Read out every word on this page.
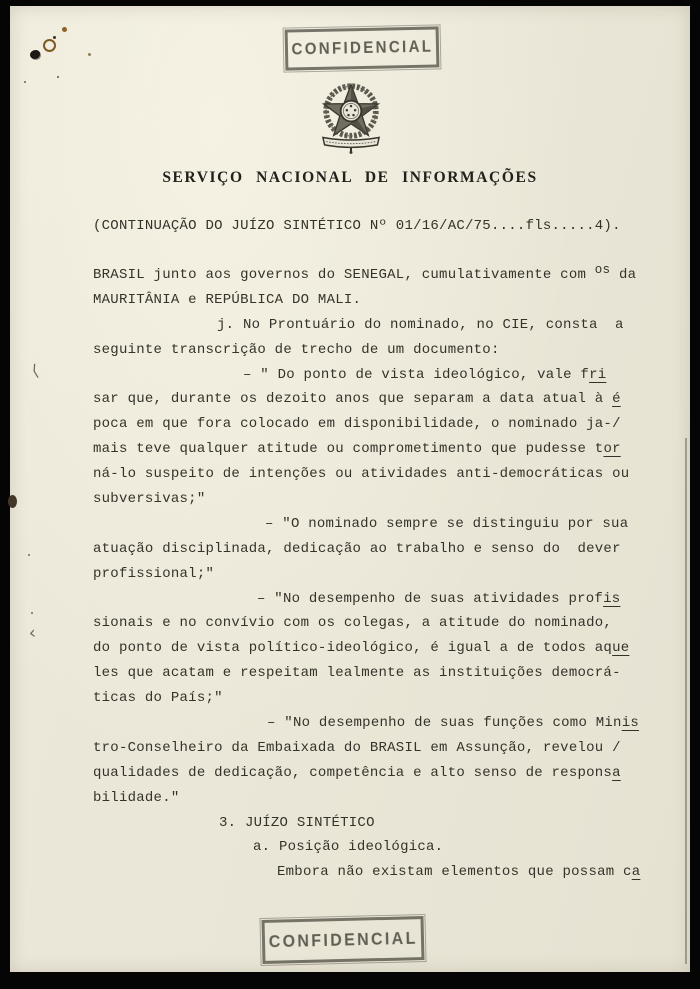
⟨
‹
CONFIDENCIAL
SERVIÇO NACIONAL DE INFORMAÇÕES
(CONTINUAÇÃO DO JUÍZO SINTÉTICO Nº 01/16/AC/75....fls.....4).
BRASIL junto aos governos do SENEGAL, cumulativamente com os da
MAURITÂNIA e REPÚBLICA DO MALI.
j. No Prontuário do nominado, no CIE, consta  a
seguinte transcrição de trecho de um documento:
– " Do ponto de vista ideológico, vale fri
sar que, durante os dezoito anos que separam a data atual à é
poca em que fora colocado em disponibilidade, o nominado ja-/
mais teve qualquer atitude ou comprometimento que pudesse tor
ná-lo suspeito de intenções ou atividades anti-democráticas ou
subversivas;"
– "O nominado sempre se distinguiu por sua
atuação disciplinada, dedicação ao trabalho e senso do  dever
profissional;"
– "No desempenho de suas atividades profis
sionais e no convívio com os colegas, a atitude do nominado,
do ponto de vista político-ideológico, é igual a de todos aque
les que acatam e respeitam lealmente as instituições democrá-
ticas do País;"
– "No desempenho de suas funções como Minis
tro-Conselheiro da Embaixada do BRASIL em Assunção, revelou /
qualidades de dedicação, competência e alto senso de responsa
bilidade."
3. JUÍZO SINTÉTICO
a. Posição ideológica.
Embora não existam elementos que possam ca
CONFIDENCIAL
